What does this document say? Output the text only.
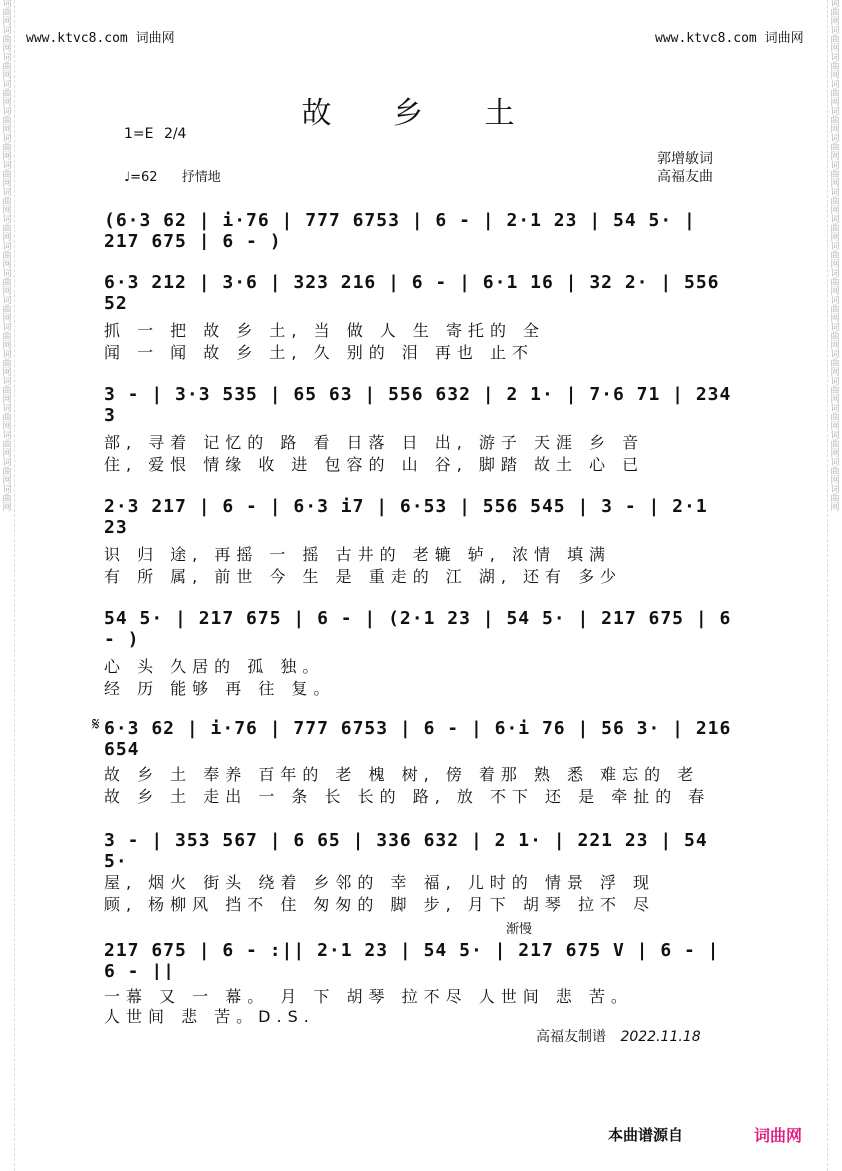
词曲网词曲网词曲网词曲网词曲网词曲网词曲网词曲网词曲网词曲网词曲网词曲网词曲网词曲网词曲网词曲网词曲网词曲网词曲网
词曲网词曲网词曲网词曲网词曲网词曲网词曲网词曲网词曲网词曲网词曲网词曲网词曲网词曲网词曲网词曲网词曲网词曲网词曲网
www.ktvc8.com 词曲网	www.ktvc8.com 词曲网
故 乡 土
1=E 2/4
♩=62 抒情地
郭增敏词
高福友曲
(6·3 62 | i·76 | 777 6753 | 6 - | 2·1 23 | 54 5· | 217 675 | 6 - )
6·3 212 | 3·6 | 323 216 | 6 - | 6·1 16 | 32 2· | 556 52
抓 一 把 故 乡 土, 当 做 人 生 寄托的 全
闻 一 闻 故 乡 土, 久 别的 泪 再也 止不
3 - | 3·3 535 | 65 63 | 556 632 | 2 1· | 7·6 71 | 234 3
部, 寻着 记忆的 路 看 日落 日 出, 游子 天涯 乡 音
住, 爱恨 情缘 收 进 包容的 山 谷, 脚踏 故土 心 已
2·3 217 | 6 - | 6·3 i7 | 6·53 | 556 545 | 3 - | 2·1 23
识 归 途, 再摇 一 摇 古井的 老辘 轳, 浓情 填满
有 所 属, 前世 今 生 是 重走的 江 湖, 还有 多少
54 5· | 217 675 | 6 - | (2·1 23 | 54 5· | 217 675 | 6 - )
心 头 久居的 孤 独。
经 历 能够 再 往 复。
𝄋 6·3 62 | i·76 | 777 6753 | 6 - | 6·i 76 | 56 3· | 216 654
故 乡 土 奉养 百年的 老 槐 树, 傍 着那 熟 悉 难忘的 老
故 乡 土 走出 一 条 长 长的 路, 放 不下 还 是 牵扯的 春
3 - | 353 567 | 6 65 | 336 632 | 2 1· | 221 23 | 54 5·
屋, 烟火 街头 绕着 乡邻的 幸 福, 儿时的 情景 浮 现
顾, 杨柳风 挡不 住 匆匆的 脚 步, 月下 胡琴 拉不 尽
渐慢
217 675 | 6 - :|| 2·1 23 | 54 5· | 217 675 V | 6 - | 6 - ||
一幕 又 一 幕。 月 下 胡琴 拉不尽 人世间 悲 苦。
人世间 悲 苦。D.S.
高福友制谱 2022.11.18
本曲谱源自	词曲网
